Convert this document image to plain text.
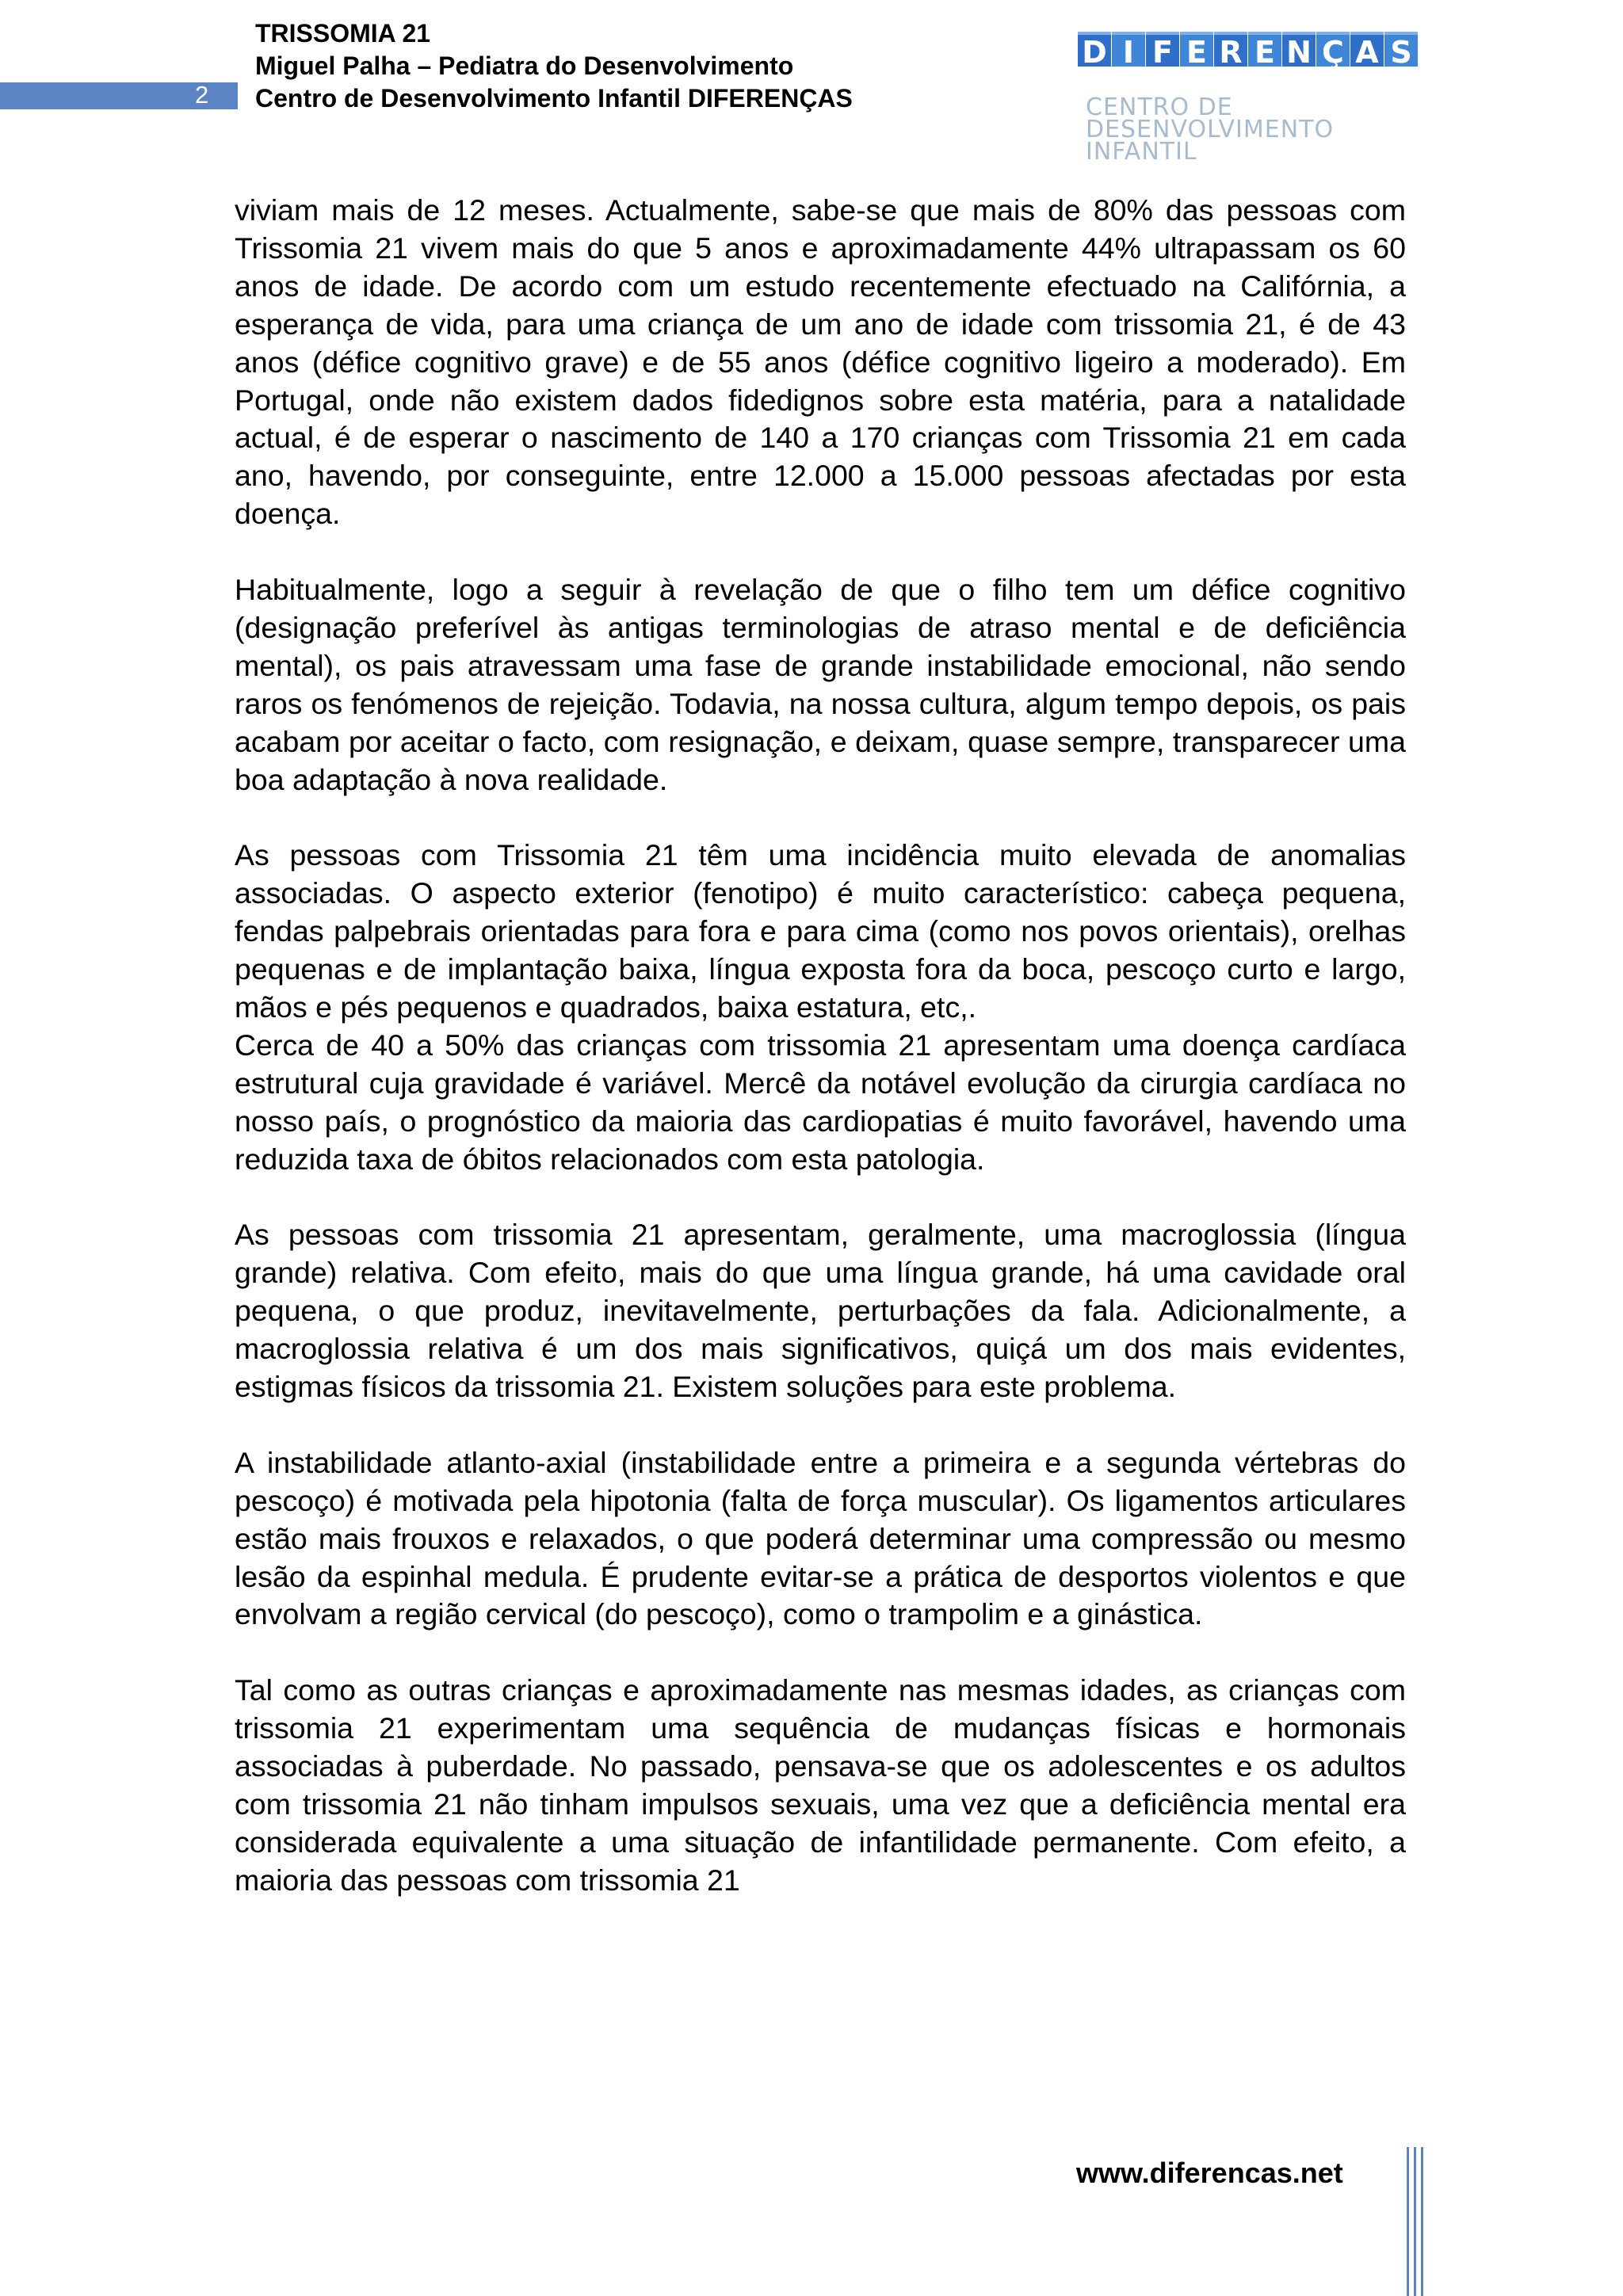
2
TRISSOMIA 21
Miguel Palha – Pediatra do Desenvolvimento
Centro de Desenvolvimento Infantil DIFERENÇAS
D I F E R E N Ç A S
CENTRO DE
DESENVOLVIMENTO
INFANTIL

viviam mais de 12 meses. Actualmente, sabe-se que mais de 80% das pessoas com Trissomia 21 vivem mais do que 5 anos e aproximadamente 44% ultrapassam os 60 anos de idade. De acordo com um estudo recentemente efectuado na Califórnia, a esperança de vida, para uma criança de um ano de idade com trissomia 21, é de 43 anos (défice cognitivo grave) e de 55 anos (défice cognitivo ligeiro a moderado). Em Portugal, onde não existem dados fidedignos sobre esta matéria, para a natalidade actual, é de esperar o nascimento de 140 a 170 crianças com Trissomia 21 em cada ano, havendo, por conseguinte, entre 12.000 a 15.000 pessoas afectadas por esta doença.

Habitualmente, logo a seguir à revelação de que o filho tem um défice cognitivo (designação preferível às antigas terminologias de atraso mental e de deficiência mental), os pais atravessam uma fase de grande instabilidade emocional, não sendo raros os fenómenos de rejeição. Todavia, na nossa cultura, algum tempo depois, os pais acabam por aceitar o facto, com resignação, e deixam, quase sempre, transparecer uma boa adaptação à nova realidade.

As pessoas com Trissomia 21 têm uma incidência muito elevada de anomalias associadas. O aspecto exterior (fenotipo) é muito característico: cabeça pequena, fendas palpebrais orientadas para fora e para cima (como nos povos orientais), orelhas pequenas e de implantação baixa, língua exposta fora da boca, pescoço curto e largo, mãos e pés pequenos e quadrados, baixa estatura, etc,.

Cerca de 40 a 50% das crianças com trissomia 21 apresentam uma doença cardíaca estrutural cuja gravidade é variável. Mercê da notável evolução da cirurgia cardíaca no nosso país, o prognóstico da maioria das cardiopatias é muito favorável, havendo uma reduzida taxa de óbitos relacionados com esta patologia.

As pessoas com trissomia 21 apresentam, geralmente, uma macroglossia (língua grande) relativa. Com efeito, mais do que uma língua grande, há uma cavidade oral pequena, o que produz, inevitavelmente, perturbações da fala. Adicionalmente, a macroglossia relativa é um dos mais significativos, quiçá um dos mais evidentes, estigmas físicos da trissomia 21. Existem soluções para este problema.

A instabilidade atlanto-axial (instabilidade entre a primeira e a segunda vértebras do pescoço) é motivada pela hipotonia (falta de força muscular). Os ligamentos articulares estão mais frouxos e relaxados, o que poderá determinar uma compressão ou mesmo lesão da espinhal medula. É prudente evitar-se a prática de desportos violentos e que envolvam a região cervical (do pescoço), como o trampolim e a ginástica.

Tal como as outras crianças e aproximadamente nas mesmas idades, as crianças com trissomia 21 experimentam uma sequência de mudanças físicas e hormonais associadas à puberdade. No passado, pensava-se que os adolescentes e os adultos com trissomia 21 não tinham impulsos sexuais, uma vez que a deficiência mental era considerada equivalente a uma situação de infantilidade permanente. Com efeito, a maioria das pessoas com trissomia 21

www.diferencas.net
